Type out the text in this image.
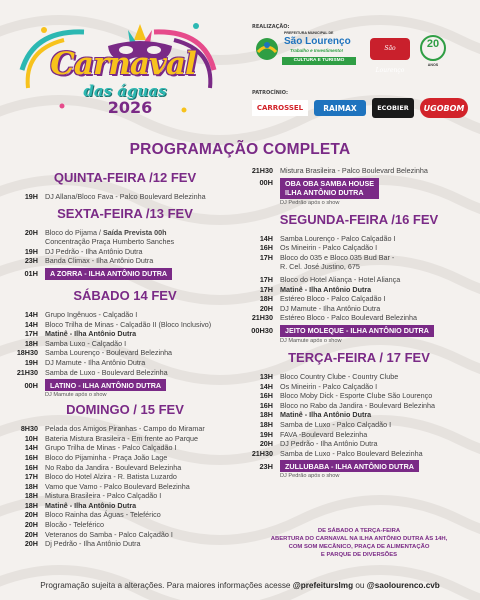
Carnaval
das águas
2026
REALIZAÇÃO:
PREFEITURA MUNICIPAL DE
São Lourenço
Trabalho e Investimento!
CULTURA E TURISMO
São Lourenço
20
ANOS
PATROCÍNIO:
CARROSSEL	RAIMAX	ECOBIER	UGOBOM
PROGRAMAÇÃO COMPLETA
QUINTA-FEIRA /12 FEV
19H DJ Allana/Bloco Fava - Palco Boulevard Belezinha
SEXTA-FEIRA /13 FEV
20H Bloco do Pijama / Saída Prevista 00h
Concentração Praça Humberto Sanches
19H DJ Pedrão - Ilha Antônio Dutra
23H Banda Climax - Ilha Antônio Dutra
01H	A ZORRA - ILHA ANTÔNIO DUTRA
SÁBADO 14 FEV
14H Grupo Ingênuos - Calçadão I
14H Bloco Trilha de Minas - Calçadão II (Bloco Inclusivo)
17H Matinê - Ilha Antônio Dutra
18H Samba Luxo - Calçadão I
18H30 Samba Lourenço - Boulevard Belezinha
19H DJ Mamute - Ilha Antônio Dutra
21H30 Samba de Luxo - Boulevard Belezinha
00H	LATINO - ILHA ANTÔNIO DUTRA
DJ Mamute após o show
DOMINGO / 15 FEV
8H30 Pelada dos Amigos Piranhas - Campo do Miramar
10H Bateria Mistura Brasileira - Em frente ao Parque
14H Grupo Trilha de Minas - Palco Calçadão I
16H Bloco do Pijaminha - Praça João Lage
16H No Rabo da Jandira - Boulevard Belezinha
17H Bloco do Hotel Alzira - R. Batista Luzardo
18H Vamo que Vamo - Palco Boulevard Belezinha
18H Mistura Brasileira - Palco Calçadão I
18H Matinê - Ilha Antônio Dutra
20H Bloco Rainha das Águas - Teleférico
20H Blocão - Teleférico
20H Veteranos do Samba - Palco Calçadão I
20H Dj Pedrão - Ilha Antônio Dutra
21H30 Mistura Brasileira - Palco Boulevard Belezinha
00H	OBA OBA SAMBA HOUSE
ILHA ANTÔNIO DUTRA
DJ Pedrão após o show
SEGUNDA-FEIRA /16 FEV
14H Samba Lourenço - Palco Calçadão I
16H Os Mineirin - Palco Calçadão I
17H Bloco do 035 e Bloco 035 Bud Bar -
R. Cel. José Justino, 675
17H Bloco do Hotel Aliança - Hotel Aliança
17H Matinê - Ilha Antônio Dutra
18H Estéreo Bloco - Palco Calçadão I
20H DJ Mamute - Ilha Antônio Dutra
21H30 Estéreo Bloco - Palco Boulevard Belezinha
00H30	JEITO MOLEQUE - ILHA ANTÔNIO DUTRA
DJ Mamute após o show
TERÇA-FEIRA / 17 FEV
13H Bloco Country Clube - Country Clube
14H Os Mineirin - Palco Calçadão I
16H Bloco Moby Dick - Esporte Clube São Lourenço
16H Bloco no Rabo da Jandira - Boulevard Belezinha
18H Matinê - Ilha Antônio Dutra
18H Samba de Luxo - Palco Calçadão I
19H FAVA -Boulevard Belezinha
20H DJ Pedrão - Ilha Antônio Dutra
21H30 Samba de Luxo - Palco Boulevard Belezinha
23H	ZULLUBABA - ILHA ANTÔNIO DUTRA
DJ Pedrão após o show
DE SÁBADO A TERÇA-FEIRA
ABERTURA DO CARNAVAL NA ILHA ANTÔNIO DUTRA ÀS 14H,
COM SOM MECÂNICO, PRAÇA DE ALIMENTAÇÃO
E PARQUE DE DIVERSÕES
Programação sujeita a alterações. Para maiores informações acesse @prefeiturslmg ou @saolourenco.cvb
